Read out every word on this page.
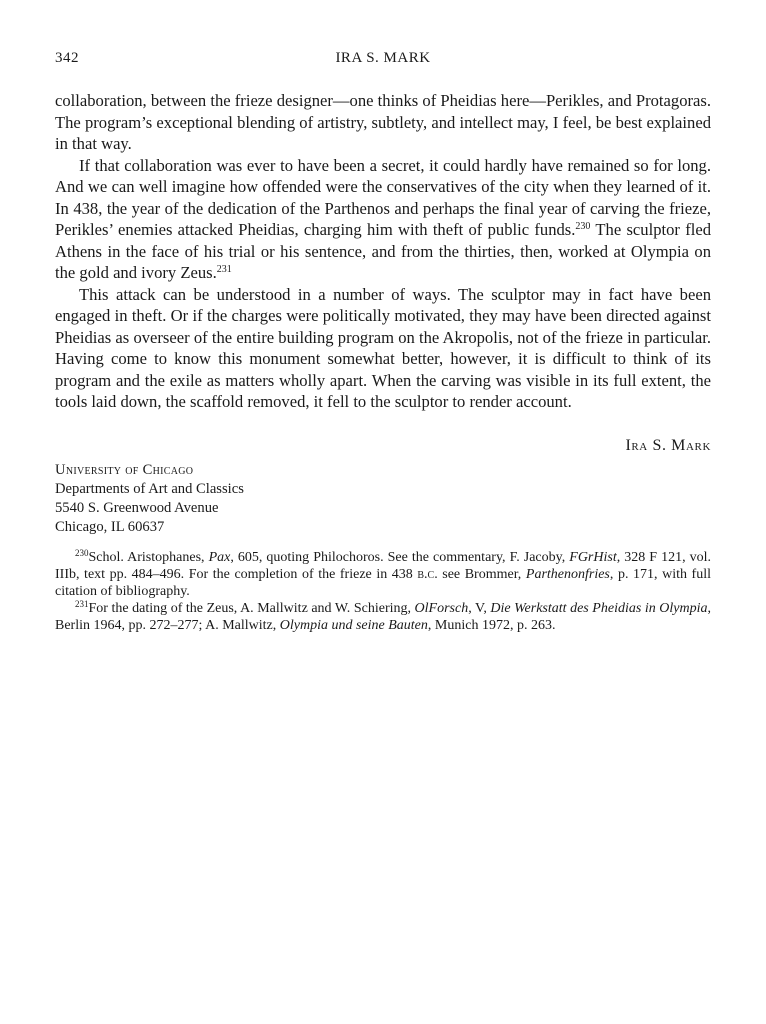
342	IRA S. MARK

collaboration, between the frieze designer—one thinks of Pheidias here—Perikles, and Protagoras. The program’s exceptional blending of artistry, subtlety, and intellect may, I feel, be best explained in that way.

If that collaboration was ever to have been a secret, it could hardly have remained so for long. And we can well imagine how offended were the conservatives of the city when they learned of it. In 438, the year of the dedication of the Parthenos and perhaps the final year of carving the frieze, Perikles’ enemies attacked Pheidias, charging him with theft of public funds.$^{230}$ The sculptor fled Athens in the face of his trial or his sentence, and from the thirties, then, worked at Olympia on the gold and ivory Zeus.$^{231}$

This attack can be understood in a number of ways. The sculptor may in fact have been engaged in theft. Or if the charges were politically motivated, they may have been directed against Pheidias as overseer of the entire building program on the Akropolis, not of the frieze in particular. Having come to know this monument somewhat better, however, it is difficult to think of its program and the exile as matters wholly apart. When the carving was visible in its full extent, the tools laid down, the scaffold removed, it fell to the sculptor to render account.

Ira S. Mark
University of Chicago
Departments of Art and Classics
5540 S. Greenwood Avenue
Chicago, IL 60637

$^{230}$Schol. Aristophanes, Pax, 605, quoting Philochoros. See the commentary, F. Jacoby, FGrHist, 328 F 121, vol. IIIb, text pp. 484–496. For the completion of the frieze in 438 b.c. see Brommer, Parthenonfries, p. 171, with full citation of bibliography.

$^{231}$For the dating of the Zeus, A. Mallwitz and W. Schiering, OlForsch, V, Die Werkstatt des Pheidias in Olympia, Berlin 1964, pp. 272–277; A. Mallwitz, Olympia und seine Bauten, Munich 1972, p. 263.
